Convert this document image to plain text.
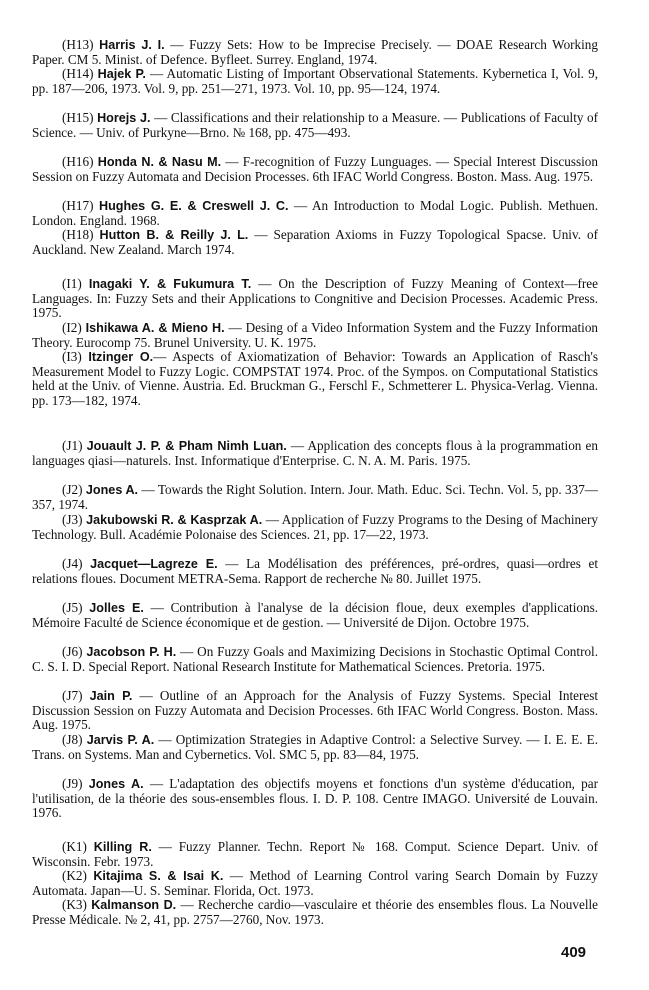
(H13) Harris J. I. — Fuzzy Sets: How to be Imprecise Precisely. — DOAE Research Working Paper. CM 5. Minist. of Defence. Byfleet. Surrey. England, 1974.

(H14) Hajek P. — Automatic Listing of Important Observational Statements. Kybernetica I, Vol. 9, pp. 187—206, 1973. Vol. 9, pp. 251—271, 1973. Vol. 10, pp. 95—124, 1974.

(H15) Horejs J. — Classifications and their relationship to a Measure. — Publications of Faculty of Science. — Univ. of Purkyne—Brno. № 168, pp. 475—493.

(H16) Honda N. & Nasu M. — F-recognition of Fuzzy Lunguages. — Special Interest Discussion Session on Fuzzy Automata and Decision Processes. 6th IFAC World Congress. Boston. Mass. Aug. 1975.

(H17) Hughes G. E. & Creswell J. C. — An Introduction to Modal Logic. Publish. Methuen. London. England. 1968.

(H18) Hutton B. & Reilly J. L. — Separation Axioms in Fuzzy Topological Spacse. Univ. of Auckland. New Zealand. March 1974.

(I1) Inagaki Y. & Fukumura T. — On the Description of Fuzzy Meaning of Context—free Languages. In: Fuzzy Sets and their Applications to Congnitive and Decision Processes. Academic Press. 1975.

(I2) Ishikawa A. & Mieno H. — Desing of a Video Information System and the Fuzzy Information Theory. Eurocomp 75. Brunel University. U. K. 1975.

(I3) Itzinger O.— Aspects of Axiomatization of Behavior: Towards an Application of Rasch's Measurement Model to Fuzzy Logic. COMPSTAT 1974. Proc. of the Sympos. on Computational Statistics held at the Univ. of Vienne. Austria. Ed. Bruckman G., Ferschl F., Schmetterer L. Physica-Verlag. Vienna. pp. 173—182, 1974.

(J1) Jouault J. P. & Pham Nimh Luan. — Application des concepts flous à la programmation en languages qiasi—naturels. Inst. Informatique d'Enterprise. C. N. A. M. Paris. 1975.

(J2) Jones A. — Towards the Right Solution. Intern. Jour. Math. Educ. Sci. Techn. Vol. 5, pp. 337—357, 1974.

(J3) Jakubowski R. & Kasprzak A. — Application of Fuzzy Programs to the Desing of Machinery Technology. Bull. Académie Polonaise des Sciences. 21, pp. 17—22, 1973.

(J4) Jacquet—Lagreze E. — La Modélisation des préférences, pré-ordres, quasi—ordres et relations floues. Document METRA-Sema. Rapport de recherche № 80. Juillet 1975.

(J5) Jolles E. — Contribution à l'analyse de la décision floue, deux exemples d'applications. Mémoire Faculté de Science économique et de gestion. — Université de Dijon. Octobre 1975.

(J6) Jacobson P. H. — On Fuzzy Goals and Maximizing Decisions in Stochastic Optimal Control. C. S. I. D. Special Report. National Research Institute for Mathematical Sciences. Pretoria. 1975.

(J7) Jain P. — Outline of an Approach for the Analysis of Fuzzy Systems. Special Interest Discussion Session on Fuzzy Automata and Decision Processes. 6th IFAC World Congress. Boston. Mass. Aug. 1975.

(J8) Jarvis P. A. — Optimization Strategies in Adaptive Control: a Selective Survey. — I. E. E. E. Trans. on Systems. Man and Cybernetics. Vol. SMC 5, pp. 83—84, 1975.

(J9) Jones A. — L'adaptation des objectifs moyens et fonctions d'un système d'éducation, par l'utilisation, de la théorie des sous-ensembles flous. I. D. P. 108. Centre IMAGO. Université de Louvain. 1976.

(K1) Killing R. — Fuzzy Planner. Techn. Report № 168. Comput. Science Depart. Univ. of Wisconsin. Febr. 1973.

(K2) Kitajima S. & Isai K. — Method of Learning Control varing Search Domain by Fuzzy Automata. Japan—U. S. Seminar. Florida, Oct. 1973.

(K3) Kalmanson D. — Recherche cardio—vasculaire et théorie des ensembles flous. La Nouvelle Presse Médicale. № 2, 41, pp. 2757—2760, Nov. 1973.

409
